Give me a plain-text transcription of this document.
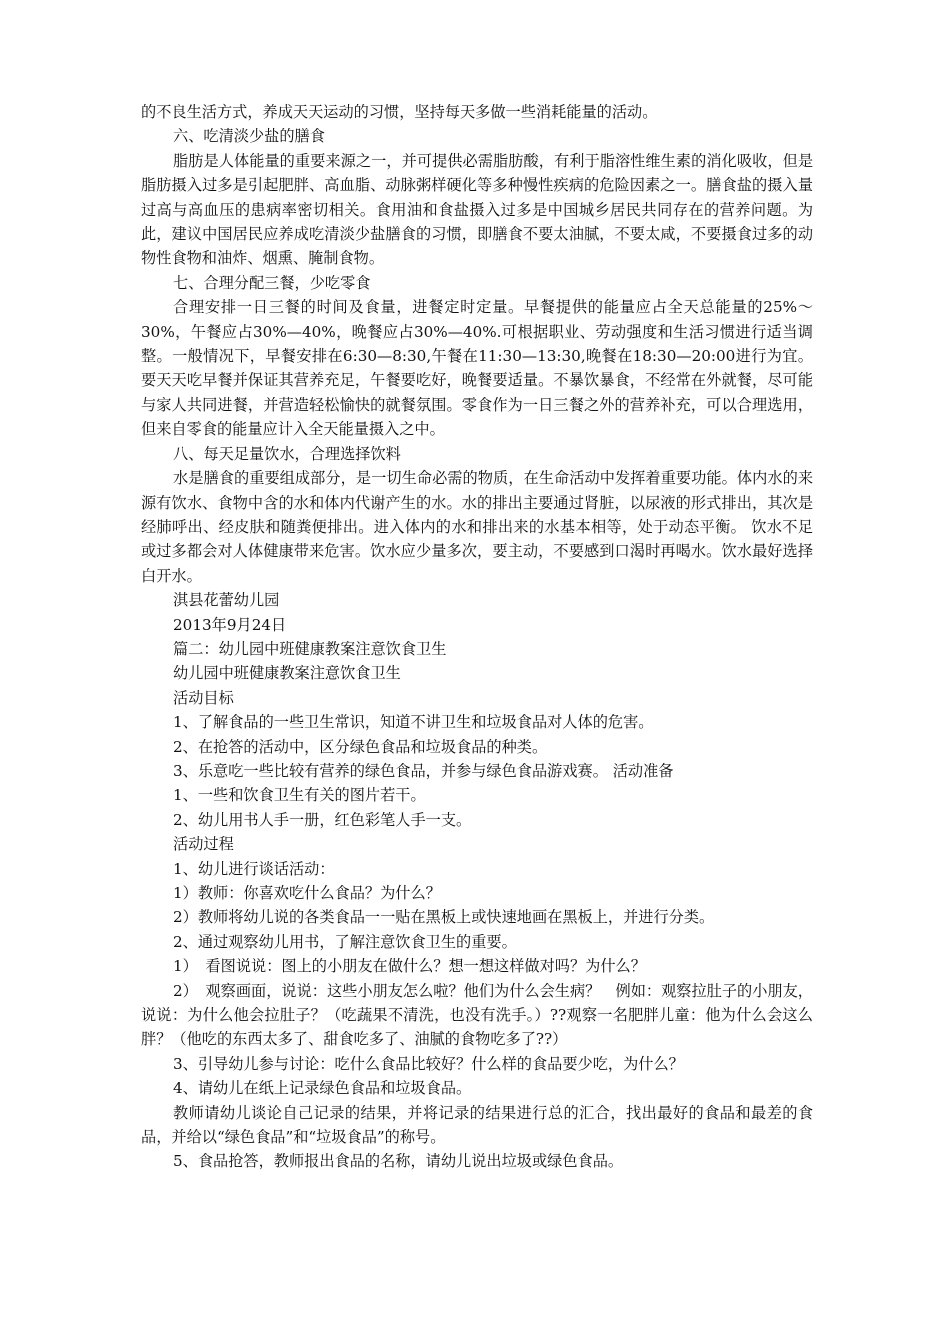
的不良生活方式，养成天天运动的习惯，坚持每天多做一些消耗能量的活动。

六、吃清淡少盐的膳食

脂肪是人体能量的重要来源之一，并可提供必需脂肪酸，有利于脂溶性维生素的消化吸收，但是脂肪摄入过多是引起肥胖、高血脂、动脉粥样硬化等多种慢性疾病的危险因素之一。膳食盐的摄入量过高与高血压的患病率密切相关。食用油和食盐摄入过多是中国城乡居民共同存在的营养问题。为此，建议中国居民应养成吃清淡少盐膳食的习惯，即膳食不要太油腻，不要太咸，不要摄食过多的动物性食物和油炸、烟熏、腌制食物。

七、合理分配三餐，少吃零食

合理安排一日三餐的时间及食量，进餐定时定量。早餐提供的能量应占全天总能量的25%～30%，午餐应占30%—40%，晚餐应占30%—40%.可根据职业、劳动强度和生活习惯进行适当调整。一般情况下，早餐安排在6:30—8:30,午餐在11:30—13:30,晚餐在18:30—20:00进行为宜。要天天吃早餐并保证其营养充足，午餐要吃好，晚餐要适量。不暴饮暴食，不经常在外就餐，尽可能与家人共同进餐，并营造轻松愉快的就餐氛围。零食作为一日三餐之外的营养补充，可以合理选用，但来自零食的能量应计入全天能量摄入之中。

八、每天足量饮水，合理选择饮料

水是膳食的重要组成部分，是一切生命必需的物质，在生命活动中发挥着重要功能。体内水的来源有饮水、食物中含的水和体内代谢产生的水。水的排出主要通过肾脏，以尿液的形式排出，其次是经肺呼出、经皮肤和随粪便排出。进入体内的水和排出来的水基本相等，处于动态平衡。 饮水不足或过多都会对人体健康带来危害。饮水应少量多次，要主动，不要感到口渴时再喝水。饮水最好选择白开水。

淇县花蕾幼儿园

2013年9月24日

篇二：幼儿园中班健康教案注意饮食卫生

幼儿园中班健康教案注意饮食卫生

活动目标

1、了解食品的一些卫生常识，知道不讲卫生和垃圾食品对人体的危害。

2、在抢答的活动中，区分绿色食品和垃圾食品的种类。

3、乐意吃一些比较有营养的绿色食品，并参与绿色食品游戏赛。 活动准备

1、一些和饮食卫生有关的图片若干。

2、幼儿用书人手一册，红色彩笔人手一支。

活动过程

1、幼儿进行谈话活动：

1）教师：你喜欢吃什么食品？为什么？

2）教师将幼儿说的各类食品一一贴在黑板上或快速地画在黑板上，并进行分类。

2、通过观察幼儿用书，了解注意饮食卫生的重要。

1）　看图说说：图上的小朋友在做什么？想一想这样做对吗？为什么？

2）　观察画面，说说：这些小朋友怎么啦？他们为什么会生病？　例如：观察拉肚子的小朋友，说说：为什么他会拉肚子？（吃蔬果不清洗，也没有洗手。）??观察一名肥胖儿童：他为什么会这么胖？（他吃的东西太多了、甜食吃多了、油腻的食物吃多了??）

3、引导幼儿参与讨论：吃什么食品比较好？什么样的食品要少吃，为什么？

4、请幼儿在纸上记录绿色食品和垃圾食品。

教师请幼儿谈论自己记录的结果，并将记录的结果进行总的汇合，找出最好的食品和最差的食品，并给以“绿色食品”和“垃圾食品”的称号。

5、食品抢答，教师报出食品的名称，请幼儿说出垃圾或绿色食品。
